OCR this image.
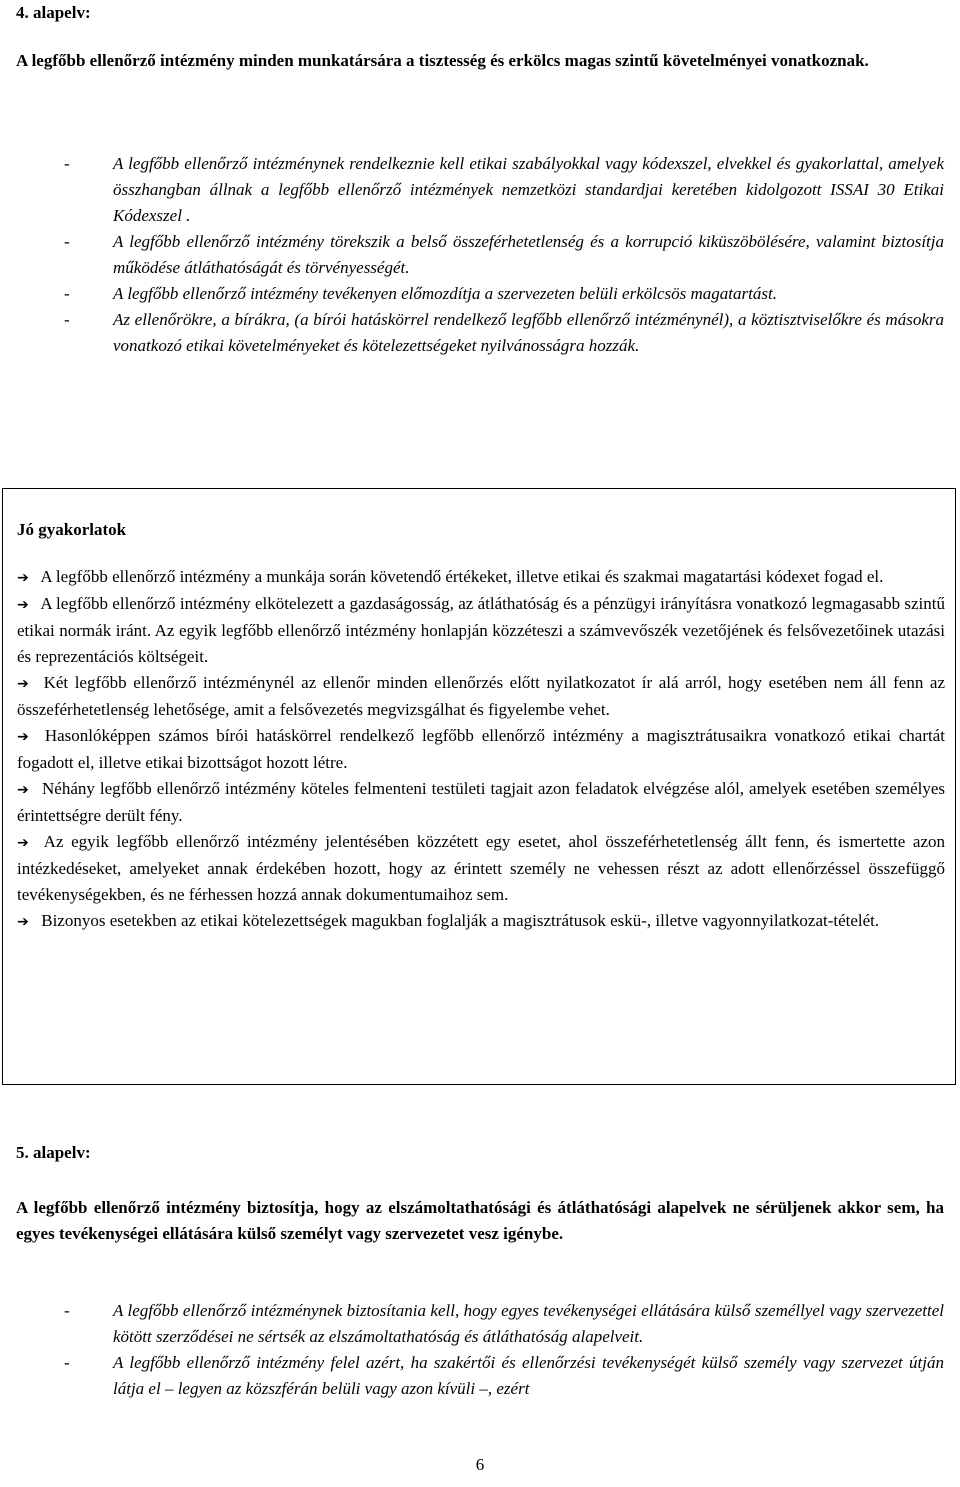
4. alapelv:

A legfőbb ellenőrző intézmény minden munkatársára a tisztesség és erkölcs magas szintű követelményei vonatkoznak.

-	A legfőbb ellenőrző intézménynek rendelkeznie kell etikai szabályokkal vagy kódexszel, elvekkel és gyakorlattal, amelyek összhangban állnak a legfőbb ellenőrző intézmények nemzetközi standardjai keretében kidolgozott ISSAI 30 Etikai Kódexszel .
-	A legfőbb ellenőrző intézmény törekszik a belső összeférhetetlenség és a korrupció kiküszöbölésére, valamint biztosítja működése átláthatóságát és törvényességét.
-	A legfőbb ellenőrző intézmény tevékenyen előmozdítja a szervezeten belüli erkölcsös magatartást.
-	Az ellenőrökre, a bírákra, (a bírói hatáskörrel rendelkező legfőbb ellenőrző intézménynél), a köztisztviselőkre és másokra vonatkozó etikai követelményeket és kötelezettségeket nyilvánosságra hozzák.

Jó gyakorlatok

➔ A legfőbb ellenőrző intézmény a munkája során követendő értékeket, illetve etikai és szakmai magatartási kódexet fogad el.
➔ A legfőbb ellenőrző intézmény elkötelezett a gazdaságosság, az átláthatóság és a pénzügyi irányításra vonatkozó legmagasabb szintű etikai normák iránt. Az egyik legfőbb ellenőrző intézmény honlapján közzéteszi a számvevőszék vezetőjének és felsővezetőinek utazási és reprezentációs költségeit.
➔ Két legfőbb ellenőrző intézménynél az ellenőr minden ellenőrzés előtt nyilatkozatot ír alá arról, hogy esetében nem áll fenn az összeférhetetlenség lehetősége, amit a felsővezetés megvizsgálhat és figyelembe vehet.
➔ Hasonlóképpen számos bírói hatáskörrel rendelkező legfőbb ellenőrző intézmény a magisztrátusaikra vonatkozó etikai chartát fogadott el, illetve etikai bizottságot hozott létre.
➔ Néhány legfőbb ellenőrző intézmény köteles felmenteni testületi tagjait azon feladatok elvégzése alól, amelyek esetében személyes érintettségre derült fény.
➔ Az egyik legfőbb ellenőrző intézmény jelentésében közzétett egy esetet, ahol összeférhetetlenség állt fenn, és ismertette azon intézkedéseket, amelyeket annak érdekében hozott, hogy az érintett személy ne vehessen részt az adott ellenőrzéssel összefüggő tevékenységekben, és ne férhessen hozzá annak dokumentumaihoz sem.
➔ Bizonyos esetekben az etikai kötelezettségek magukban foglalják a magisztrátusok eskü-, illetve vagyonnyilatkozat-tételét.
5. alapelv:

A legfőbb ellenőrző intézmény biztosítja, hogy az elszámoltathatósági és átláthatósági alapelvek ne sérüljenek akkor sem, ha egyes tevékenységei ellátására külső személyt vagy szervezetet vesz igénybe.

-	A legfőbb ellenőrző intézménynek biztosítania kell, hogy egyes tevékenységei ellátására külső személlyel vagy szervezettel kötött szerződései ne sértsék az elszámoltathatóság és átláthatóság alapelveit.
-	A legfőbb ellenőrző intézmény felel azért, ha szakértői és ellenőrzési tevékenységét külső személy vagy szervezet útján látja el – legyen az közszférán belüli vagy azon kívüli –, ezért
6
